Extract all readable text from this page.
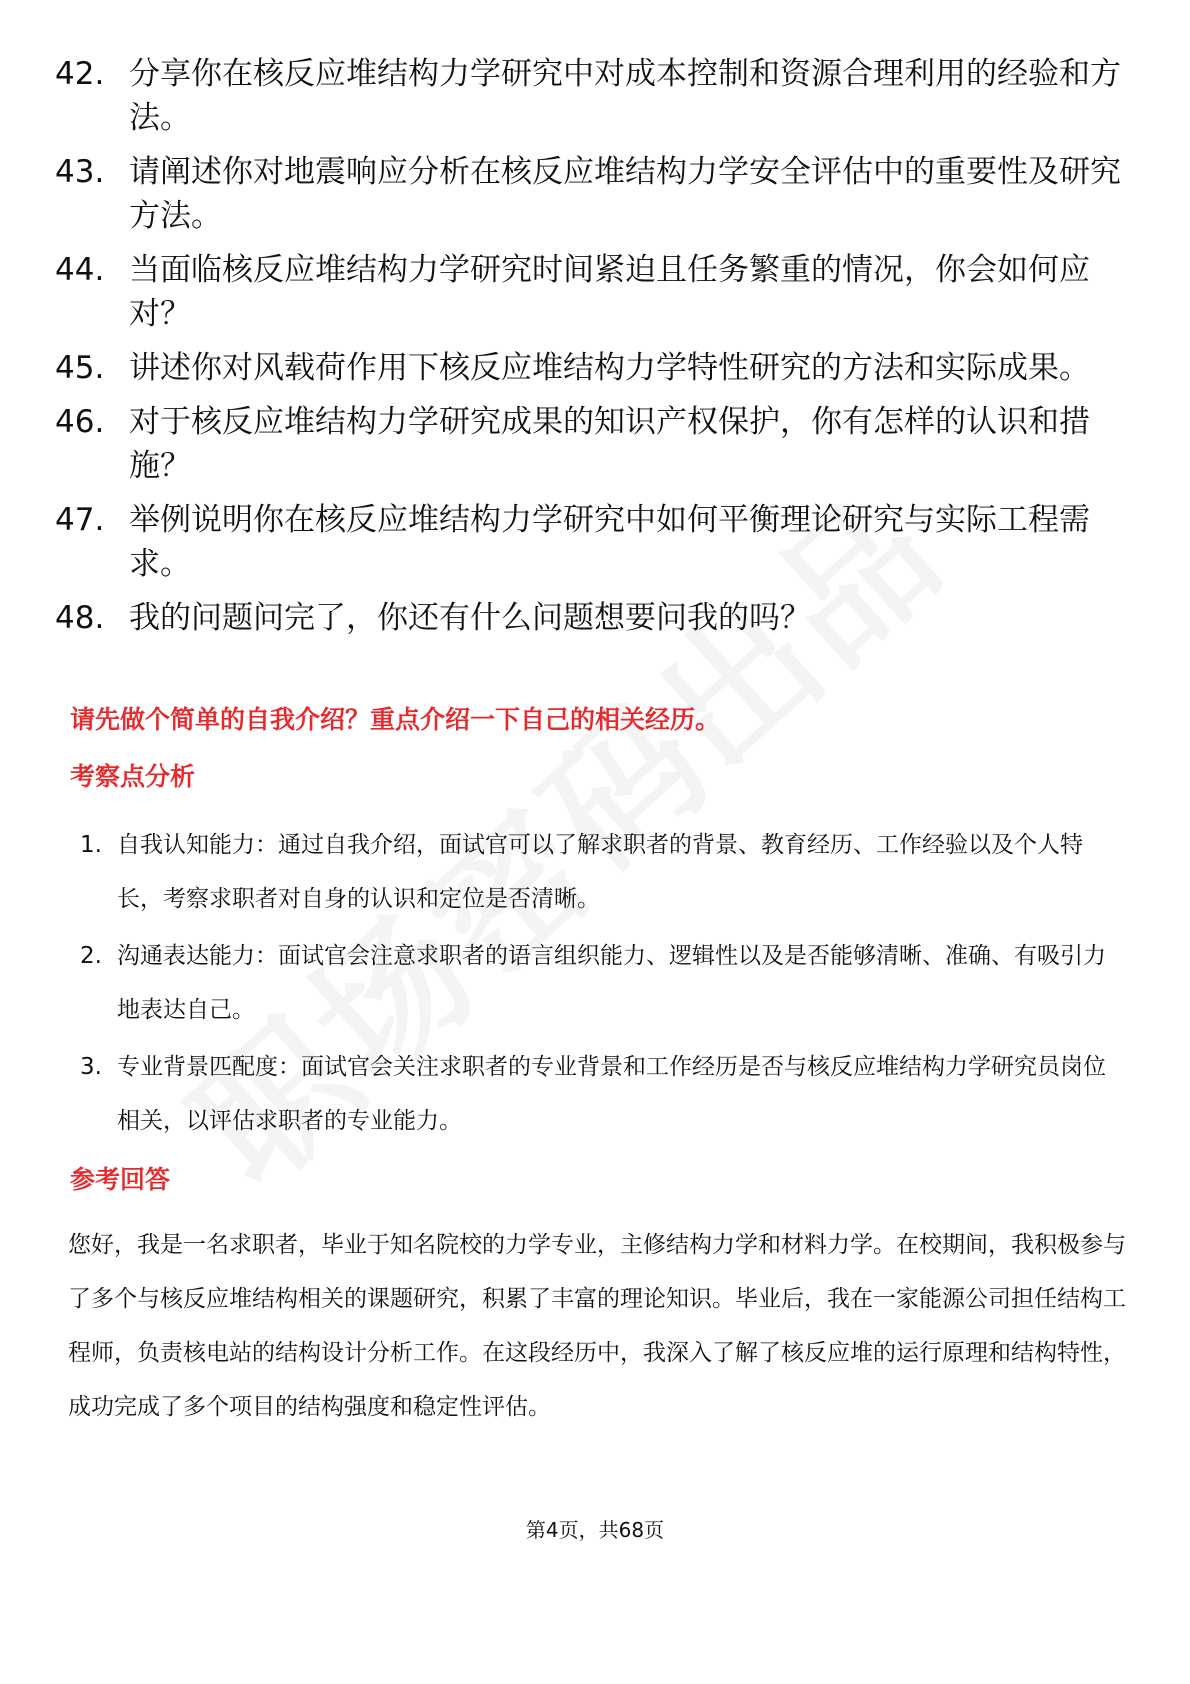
42. 分享你在核反应堆结构力学研究中对成本控制和资源合理利用的经验和方法。
43. 请阐述你对地震响应分析在核反应堆结构力学安全评估中的重要性及研究方法。
44. 当面临核反应堆结构力学研究时间紧迫且任务繁重的情况，你会如何应对？
45. 讲述你对风载荷作用下核反应堆结构力学特性研究的方法和实际成果。
46. 对于核反应堆结构力学研究成果的知识产权保护，你有怎样的认识和措施？
47. 举例说明你在核反应堆结构力学研究中如何平衡理论研究与实际工程需求。
48. 我的问题问完了，你还有什么问题想要问我的吗？
请先做个简单的自我介绍？重点介绍一下自己的相关经历。
考察点分析
1. 自我认知能力：通过自我介绍，面试官可以了解求职者的背景、教育经历、工作经验以及个人特长，考察求职者对自身的认识和定位是否清晰。
2. 沟通表达能力：面试官会注意求职者的语言组织能力、逻辑性以及是否能够清晰、准确、有吸引力地表达自己。
3. 专业背景匹配度：面试官会关注求职者的专业背景和工作经历是否与核反应堆结构力学研究员岗位相关，以评估求职者的专业能力。
参考回答

您好，我是一名求职者，毕业于知名院校的力学专业，主修结构力学和材料力学。在校期间，我积极参与了多个与核反应堆结构相关的课题研究，积累了丰富的理论知识。毕业后，我在一家能源公司担任结构工程师，负责核电站的结构设计分析工作。在这段经历中，我深入了解了核反应堆的运行原理和结构特性，成功完成了多个项目的结构强度和稳定性评估。

第4页，共68页
